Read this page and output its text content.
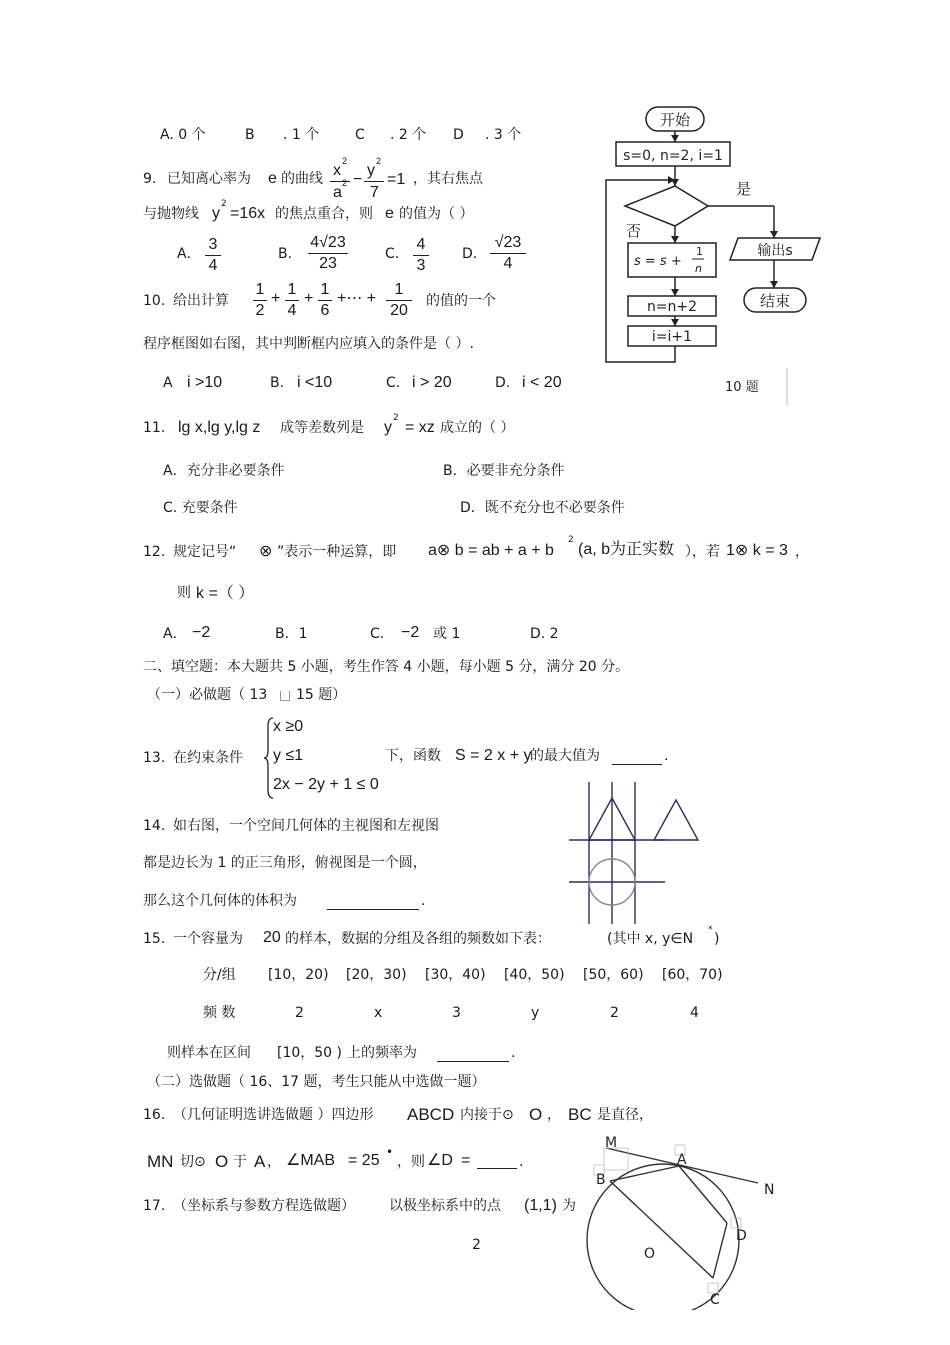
A. 0 个	B . 1 个	C . 2 个 D . 3 个
9. 已知离心率为 e 的曲线 x
2
a
2 −
y
2
7
=1 ，其右焦点
与抛物线 y
2
=16x 的焦点重合，则 e 的值为（ ）
A．
3
4
B.
4√23
23
C．
4
3
D．
√23
4
10. 给出计算
1
2
+
1
4
+
1
6
+⋯ +
1
20
的值的一个
程序框图如右图，其中判断框内应填入的条件是（ ）.
A i >10	B. i <10	C. i > 20	D. i < 20
开始
s=0, n=2, i=1
是
否
s = s +
1
n
n=n+2
i=i+1
输出s
结束
10 题
11. lg x,lg y,lg z 成等差数列是 y
2
= xz 成立的（ ）
A．充分非必要条件	B．必要非充分条件
C. 充要条件	D．既不充分也不必要条件
12. 规定记号“ ⊗ ”表示一种运算，即 a⊗ b = ab + a + b
2
(a, b为正实数 ），若 1⊗ k = 3 ，
则 k =（ ）
A． −2	B．1	C. −2 或 1	D. 2
二、填空题：本大题共 5 小题，考生作答 4 小题，每小题 5 分，满分 20 分。
（一）必做题（ 13 15 题）
13. 在约束条件
x ≥0
y ≤1
2x − 2y + 1 ≤ 0
下，函数 S = 2 x + y
的最大值为	.
14. 如右图，一个空间几何体的主视图和左视图
都是边长为 1 的正三角形，俯视图是一个圆，
那么这个几何体的体积为	.
15. 一个容量为 20 的样本，数据的分组及各组的频数如下表：	(其中 x, y∈N
*
)
分/组 [10，20) [20，30) [30，40) [40，50) [50，60) [60，70)
频 数	2	x	3	y	2	4
则样本在区间 [10，50 ) 上的频率为	.
（二）选做题（ 16、17 题，考生只能从中选做一题）
16. （几何证明选讲选做题 ）四边形 ABCD 内接于⊙ O ， BC 是直径，
MN 切⊙ O 于 A ， ∠MAB = 25 •
，则 ∠D =	.
17. （坐标系与参数方程选做题） 以极坐标系中的点 (1,1) 为
M
A
N
B
D
O
C
2
